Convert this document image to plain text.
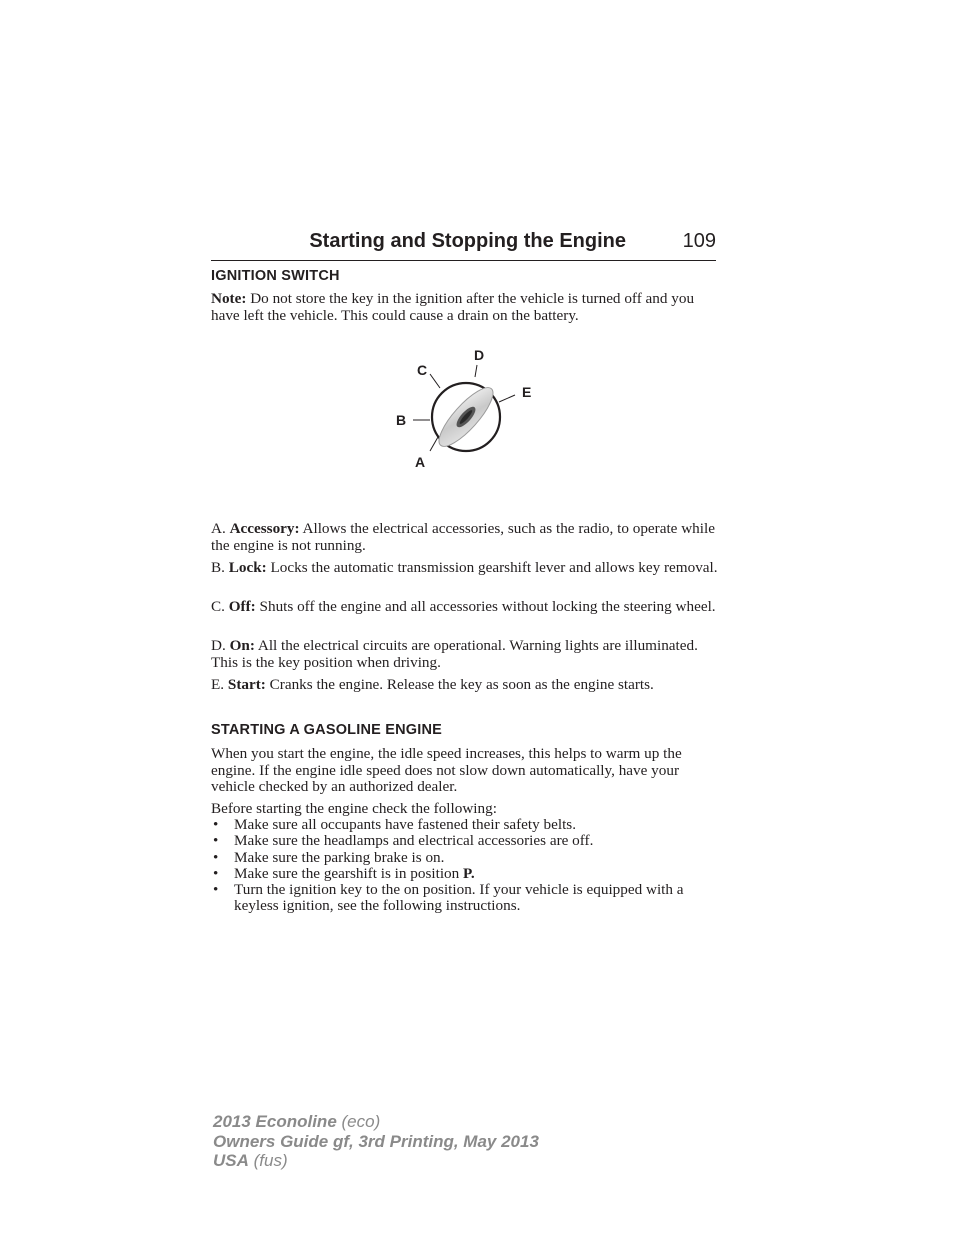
Starting and Stopping the Engine	109
IGNITION SWITCH
Note: Do not store the key in the ignition after the vehicle is turned off and you have left the vehicle. This could cause a drain on the battery.
A
B
C
D
E
A. Accessory: Allows the electrical accessories, such as the radio, to operate while the engine is not running.
B. Lock: Locks the automatic transmission gearshift lever and allows key removal.
C. Off: Shuts off the engine and all accessories without locking the steering wheel.
D. On: All the electrical circuits are operational. Warning lights are illuminated. This is the key position when driving.
E. Start: Cranks the engine. Release the key as soon as the engine starts.
STARTING A GASOLINE ENGINE
When you start the engine, the idle speed increases, this helps to warm up the engine. If the engine idle speed does not slow down automatically, have your vehicle checked by an authorized dealer.
Before starting the engine check the following:
• Make sure all occupants have fastened their safety belts.
• Make sure the headlamps and electrical accessories are off.
• Make sure the parking brake is on.
• Make sure the gearshift is in position P.
• Turn the ignition key to the on position. If your vehicle is equipped with a keyless ignition, see the following instructions.
2013 Econoline (eco)
Owners Guide gf, 3rd Printing, May 2013
USA (fus)
